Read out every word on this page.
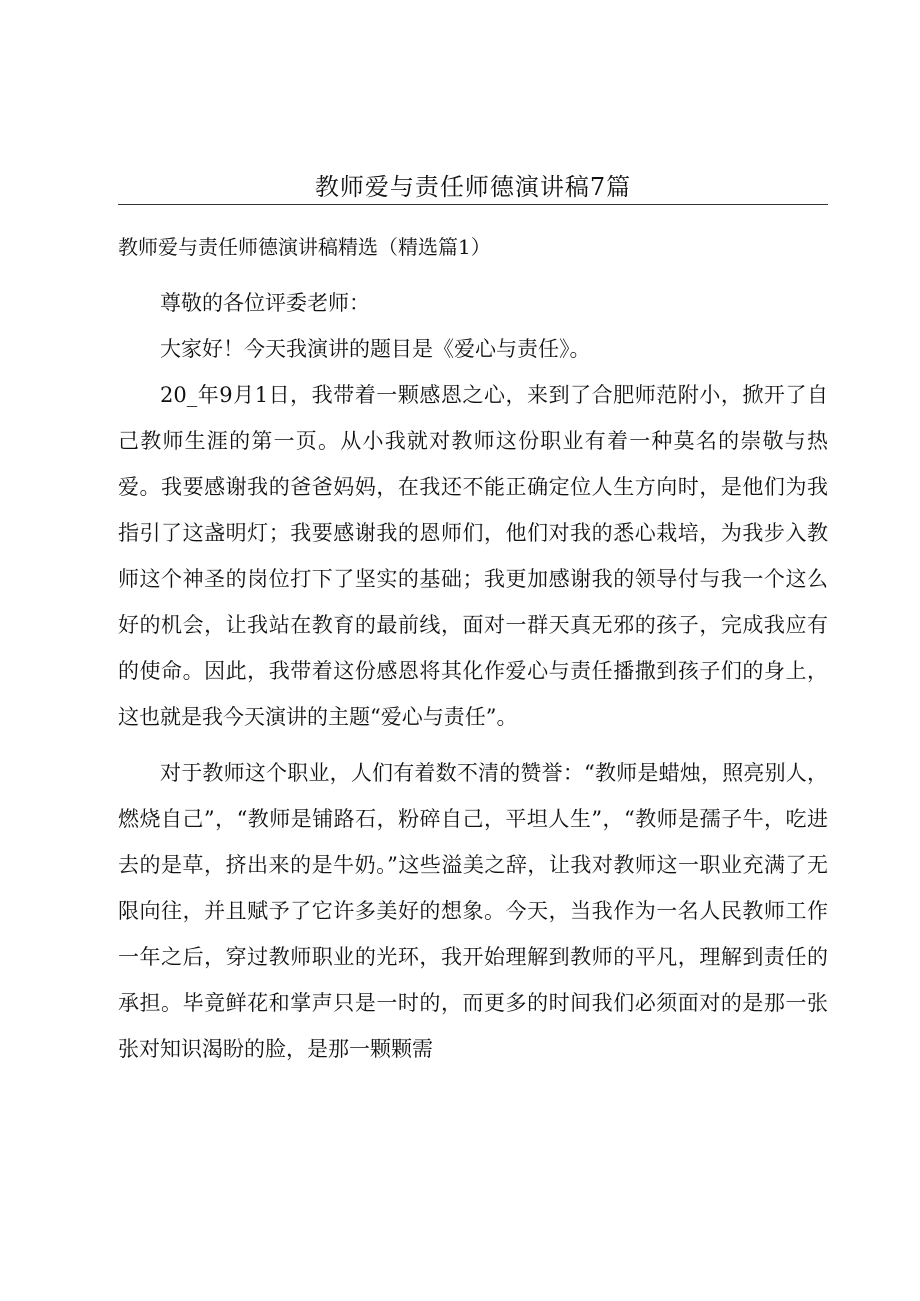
教师爱与责任师德演讲稿7篇

教师爱与责任师德演讲稿精选（精选篇1）

尊敬的各位评委老师：

大家好！今天我演讲的题目是《爱心与责任》。

20_年9月1日，我带着一颗感恩之心，来到了合肥师范附小，掀开了自己教师生涯的第一页。从小我就对教师这份职业有着一种莫名的崇敬与热爱。我要感谢我的爸爸妈妈，在我还不能正确定位人生方向时，是他们为我指引了这盏明灯；我要感谢我的恩师们，他们对我的悉心栽培，为我步入教师这个神圣的岗位打下了坚实的基础；我更加感谢我的领导付与我一个这么好的机会，让我站在教育的最前线，面对一群天真无邪的孩子，完成我应有的使命。因此，我带着这份感恩将其化作爱心与责任播撒到孩子们的身上，这也就是我今天演讲的主题“爱心与责任”。

对于教师这个职业，人们有着数不清的赞誉：“教师是蜡烛，照亮别人，燃烧自己”，“教师是铺路石，粉碎自己，平坦人生”，“教师是孺子牛，吃进去的是草，挤出来的是牛奶。”这些溢美之辞，让我对教师这一职业充满了无限向往，并且赋予了它许多美好的想象。今天，当我作为一名人民教师工作一年之后，穿过教师职业的光环，我开始理解到教师的平凡，理解到责任的承担。毕竟鲜花和掌声只是一时的，而更多的时间我们必须面对的是那一张张对知识渴盼的脸，是那一颗颗需
